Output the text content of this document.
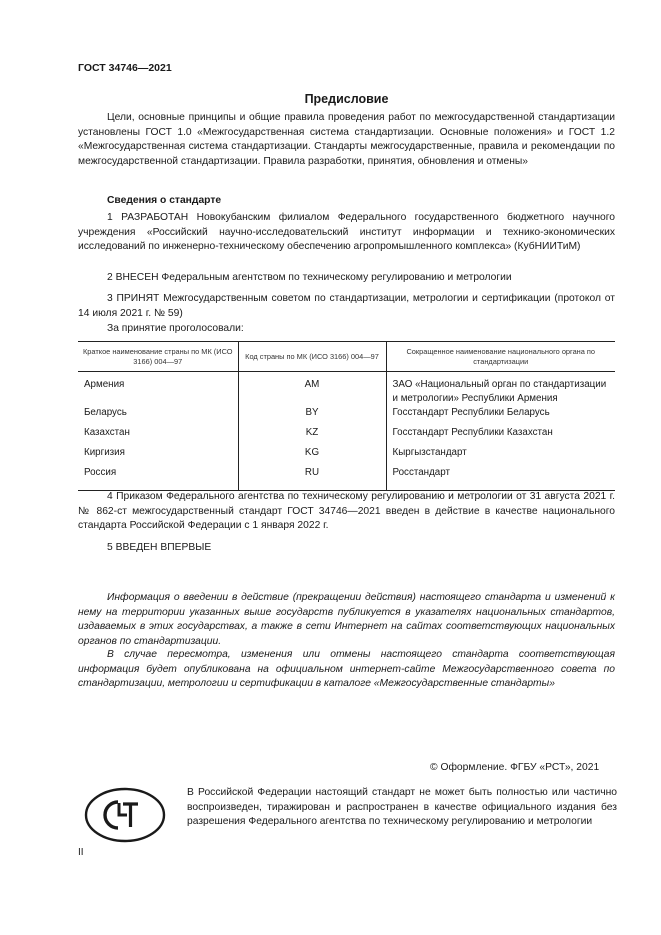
ГОСТ 34746—2021
Предисловие
Цели, основные принципы и общие правила проведения работ по межгосударственной стандартизации установлены ГОСТ 1.0 «Межгосударственная система стандартизации. Основные положения» и ГОСТ 1.2 «Межгосударственная система стандартизации. Стандарты межгосударственные, правила и рекомендации по межгосударственной стандартизации. Правила разработки, принятия, обновления и отмены»
Сведения о стандарте
1 РАЗРАБОТАН Новокубанским филиалом Федерального государственного бюджетного научного учреждения «Российский научно-исследовательский институт информации и технико-экономических исследований по инженерно-техническому обеспечению агропромышленного комплекса» (КубНИИТиМ)
2 ВНЕСЕН Федеральным агентством по техническому регулированию и метрологии
3 ПРИНЯТ Межгосударственным советом по стандартизации, метрологии и сертификации (протокол от 14 июля 2021 г. № 59)
За принятие проголосовали:
Краткое наименование страны по МК (ИСО 3166) 004—97	Код страны по МК (ИСО 3166) 004—97	Сокращенное наименование национального органа по стандартизации
Армения	AM	ЗАО «Национальный орган по стандартизации и метрологии» Республики Армения
Беларусь	BY	Госстандарт Республики Беларусь
Казахстан	KZ	Госстандарт Республики Казахстан
Киргизия	KG	Кыргызстандарт
Россия	RU	Росстандарт
4 Приказом Федерального агентства по техническому регулированию и метрологии от 31 августа 2021 г. № 862-ст межгосударственный стандарт ГОСТ 34746—2021 введен в действие в качестве национального стандарта Российской Федерации с 1 января 2022 г.
5 ВВЕДЕН ВПЕРВЫЕ
Информация о введении в действие (прекращении действия) настоящего стандарта и изменений к нему на территории указанных выше государств публикуется в указателях национальных стандартов, издаваемых в этих государствах, а также в сети Интернет на сайтах соответствующих национальных органов по стандартизации.
В случае пересмотра, изменения или отмены настоящего стандарта соответствующая информация будет опубликована на официальном интернет-сайте Межгосударственного совета по стандартизации, метрологии и сертификации в каталоге «Межгосударственные стандарты»
© Оформление. ФГБУ «РСТ», 2021
В Российской Федерации настоящий стандарт не может быть полностью или частично воспроизведен, тиражирован и распространен в качестве официального издания без разрешения Федерального агентства по техническому регулированию и метрологии
II
